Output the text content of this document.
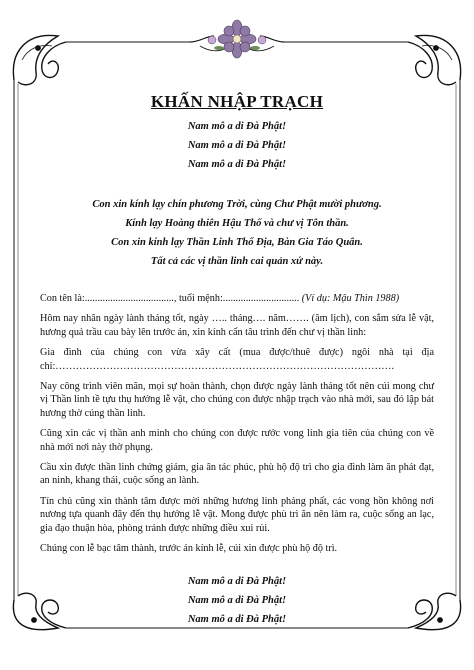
KHẤN NHẬP TRẠCH
Nam mô a di Đà Phật!
Nam mô a di Đà Phật!
Nam mô a di Đà Phật!
Con xin kính lạy chín phương Trời, cùng Chư Phật mười phương.
Kính lạy Hoàng thiên Hậu Thổ và chư vị Tôn thần.
Con xin kính lạy Thần Linh Thổ Địa, Bàn Gia Táo Quân.
Tất cả các vị thần linh cai quản xứ này.

Con tên là:..................................., tuổi mệnh:.............................. (Ví dụ: Mậu Thìn 1988)

Hôm nay nhân ngày lành tháng tốt, ngày ….. tháng…. năm……. (âm lịch), con sắm sửa lễ vật, hương quả trầu cau bày lên trước án, xin kính cẩn tâu trình đến chư vị thần linh:

Gia đình của chúng con vừa xây cất (mua được/thuê được) ngôi nhà tại địa chỉ:……………………………………………………………………………………….

Nay công trình viên mãn, mọi sự hoàn thành, chọn được ngày lành tháng tốt nên cúi mong chư vị Thần linh tề tựu thụ hưởng lễ vật, cho chúng con được nhập trạch vào nhà mới, sau đó lập bát hương thờ cúng thần linh.

Cũng xin các vị thần anh minh cho chúng con được rước vong linh gia tiên của chúng con về nhà mới nơi này thờ phụng.

Cầu xin được thần linh chứng giám, gia ân tác phúc, phù hộ độ trì cho gia đình làm ăn phát đạt, an ninh, khang thái, cuộc sống an lành.

Tín chủ cũng xin thành tâm được mời những hương linh phảng phất, các vong hồn không nơi nương tựa quanh đây đến thụ hưởng lễ vật. Mong được phù trì ăn nên làm ra, cuộc sống an lạc, gia đạo thuận hòa, phòng tránh được những điều xui rủi.

Chúng con lễ bạc tâm thành, trước án kính lễ, cúi xin được phù hộ độ trì.

Nam mô a di Đà Phật!
Nam mô a di Đà Phật!
Nam mô a di Đà Phật!
